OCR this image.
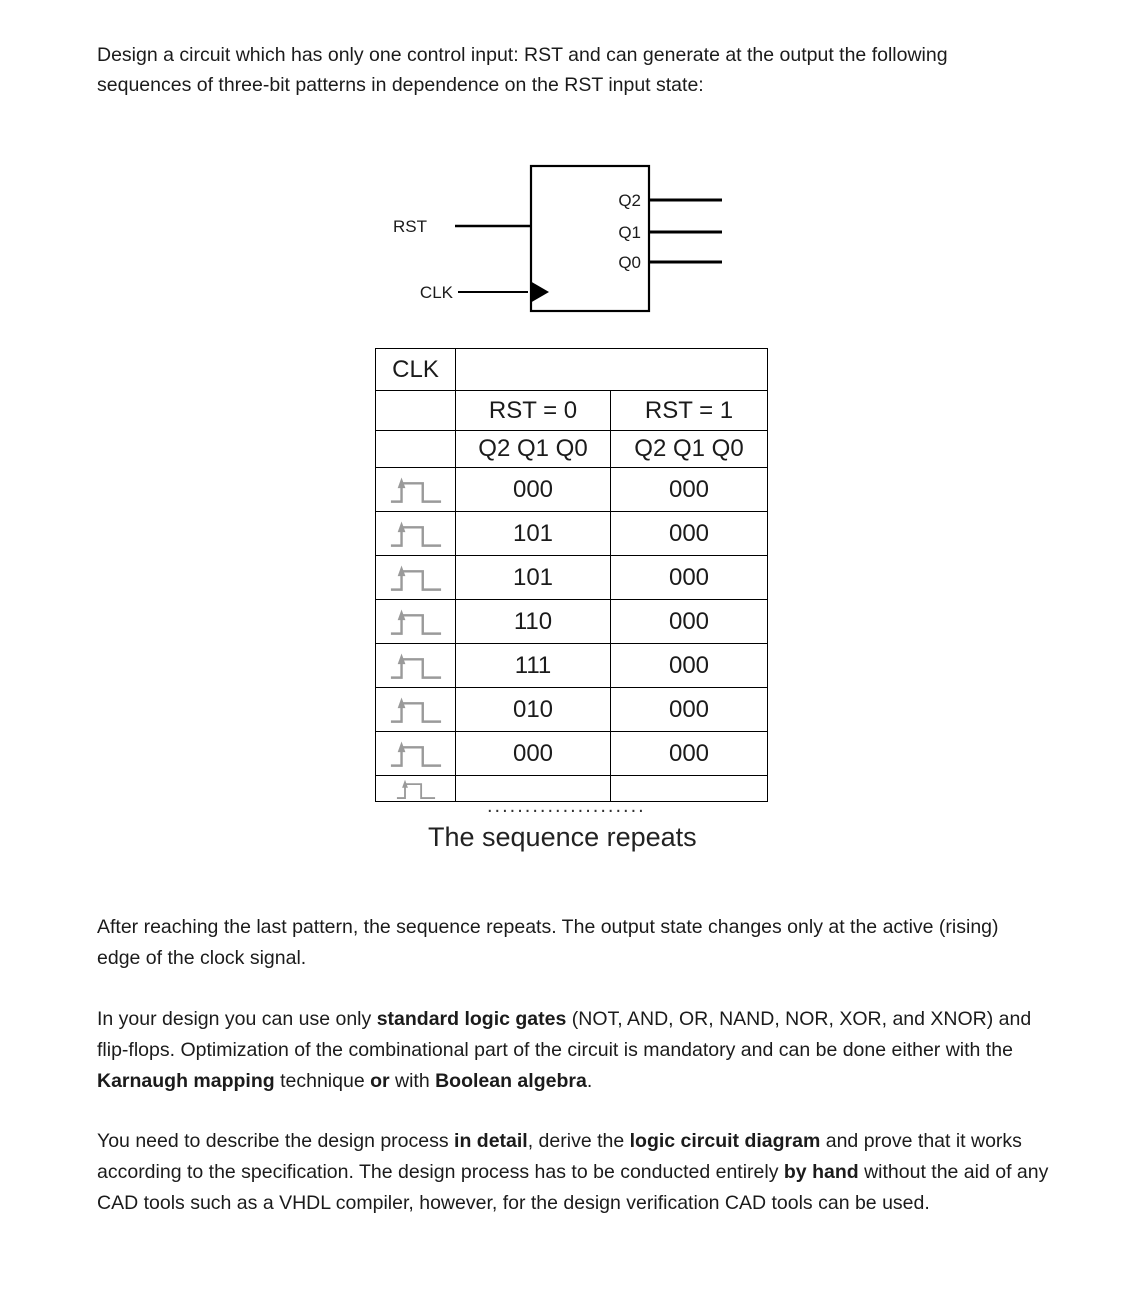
Design a circuit which has only one control input: RST and can generate at the output the following sequences of three-bit patterns in dependence on the RST input state:

RST
CLK
Q2
Q1
Q0
CLK		
	RST = 0	RST = 1
	Q2 Q1 Q0	Q2 Q1 Q0

	000	000

	101	000

	101	000

	110	000

	111	000

	010	000

	000	000

.....................
The sequence repeats

After reaching the last pattern, the sequence repeats. The output state changes only at the active (rising) edge of the clock signal.

In your design you can use only standard logic gates (NOT, AND, OR, NAND, NOR, XOR, and XNOR) and flip-flops. Optimization of the combinational part of the circuit is mandatory and can be done either with the Karnaugh mapping technique or with Boolean algebra.

You need to describe the design process in detail, derive the logic circuit diagram and prove that it works according to the specification. The design process has to be conducted entirely by hand without the aid of any CAD tools such as a VHDL compiler, however, for the design verification CAD tools can be used.
